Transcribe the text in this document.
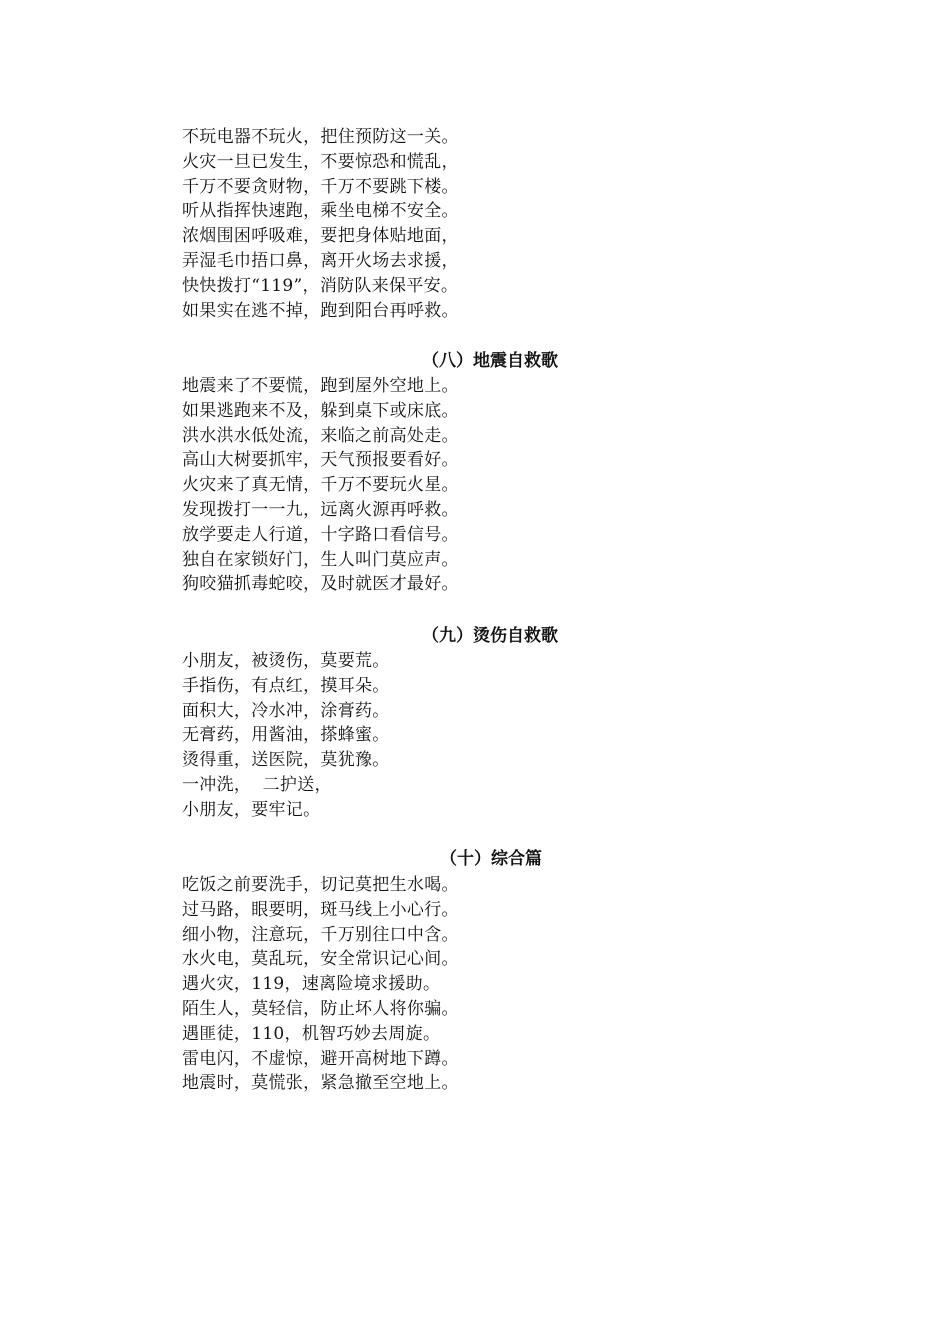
不玩电器不玩火，把住预防这一关。
火灾一旦已发生，不要惊恐和慌乱，
千万不要贪财物，千万不要跳下楼。
听从指挥快速跑，乘坐电梯不安全。
浓烟围困呼吸难，要把身体贴地面，
弄湿毛巾捂口鼻，离开火场去求援，
快快拨打“119”，消防队来保平安。
如果实在逃不掉，跑到阳台再呼救。
（八）地震自救歌
地震来了不要慌，跑到屋外空地上。
如果逃跑来不及，躲到桌下或床底。
洪水洪水低处流，来临之前高处走。
高山大树要抓牢，天气预报要看好。
火灾来了真无情，千万不要玩火星。
发现拨打一一九，远离火源再呼救。
放学要走人行道，十字路口看信号。
独自在家锁好门，生人叫门莫应声。
狗咬猫抓毒蛇咬，及时就医才最好。
（九）烫伤自救歌
小朋友，被烫伤，莫要荒。
手指伤，有点红，摸耳朵。
面积大，冷水冲，涂膏药。
无膏药，用酱油，搽蜂蜜。
烫得重，送医院，莫犹豫。
一冲洗，  二护送，
小朋友，要牢记。
（十）综合篇
吃饭之前要洗手，切记莫把生水喝。
过马路，眼要明，斑马线上小心行。
细小物，注意玩，千万别往口中含。
水火电，莫乱玩，安全常识记心间。
遇火灾，119，速离险境求援助。
陌生人，莫轻信，防止坏人将你骗。
遇匪徒，110，机智巧妙去周旋。
雷电闪，不虚惊，避开高树地下蹲。
地震时，莫慌张，紧急撤至空地上。
